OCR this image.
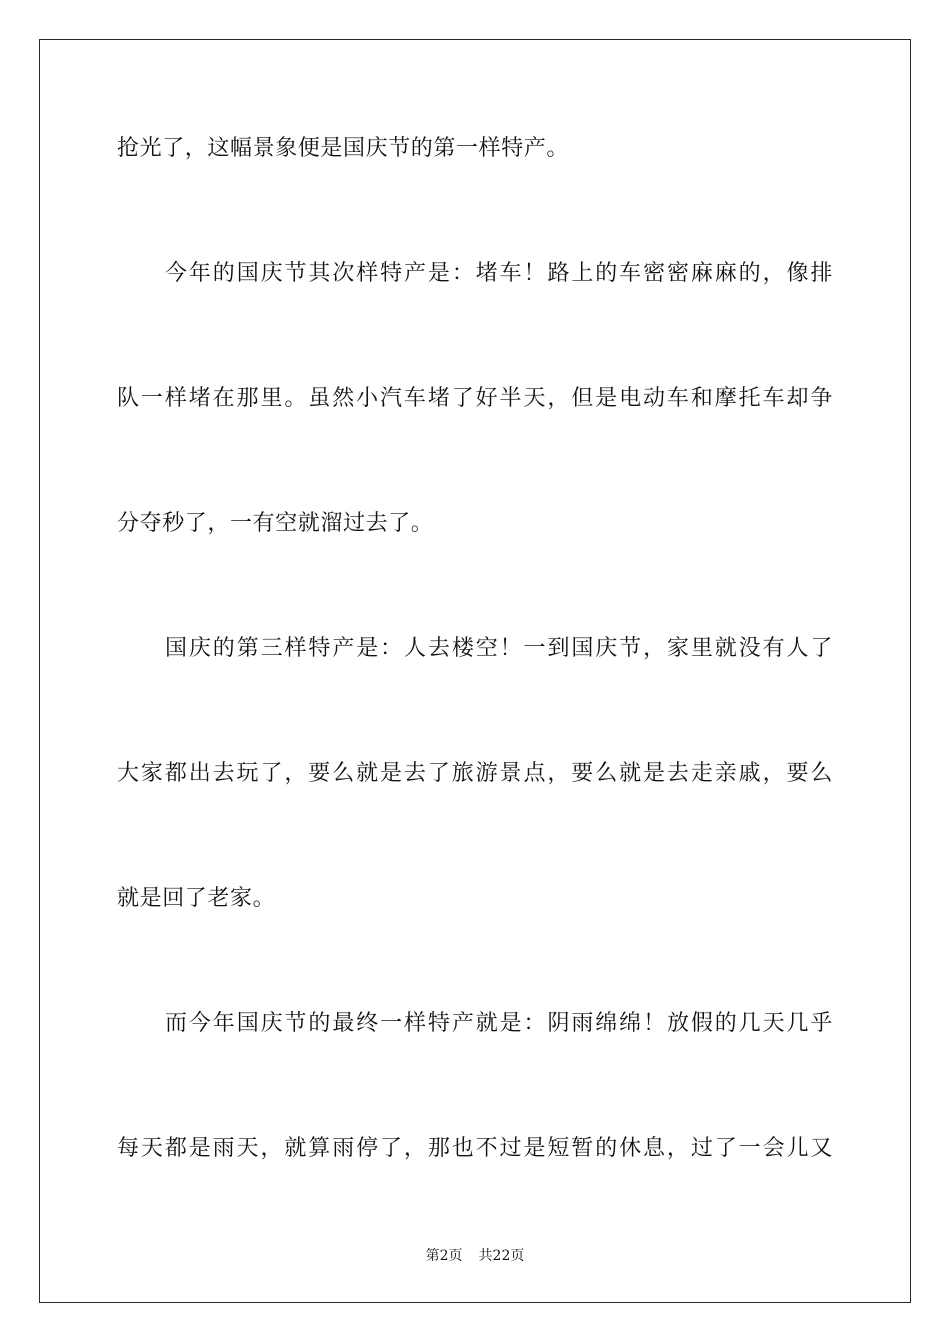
抢光了，这幅景象便是国庆节的第一样特产。
今年的国庆节其次样特产是：堵车！路上的车密密麻麻的，像排
队一样堵在那里。虽然小汽车堵了好半天，但是电动车和摩托车却争
分夺秒了，一有空就溜过去了。
国庆的第三样特产是：人去楼空！一到国庆节，家里就没有人了
大家都出去玩了，要么就是去了旅游景点，要么就是去走亲戚，要么
就是回了老家。
而今年国庆节的最终一样特产就是：阴雨绵绵！放假的几天几乎
每天都是雨天，就算雨停了，那也不过是短暂的休息，过了一会儿又
第2页 共22页
